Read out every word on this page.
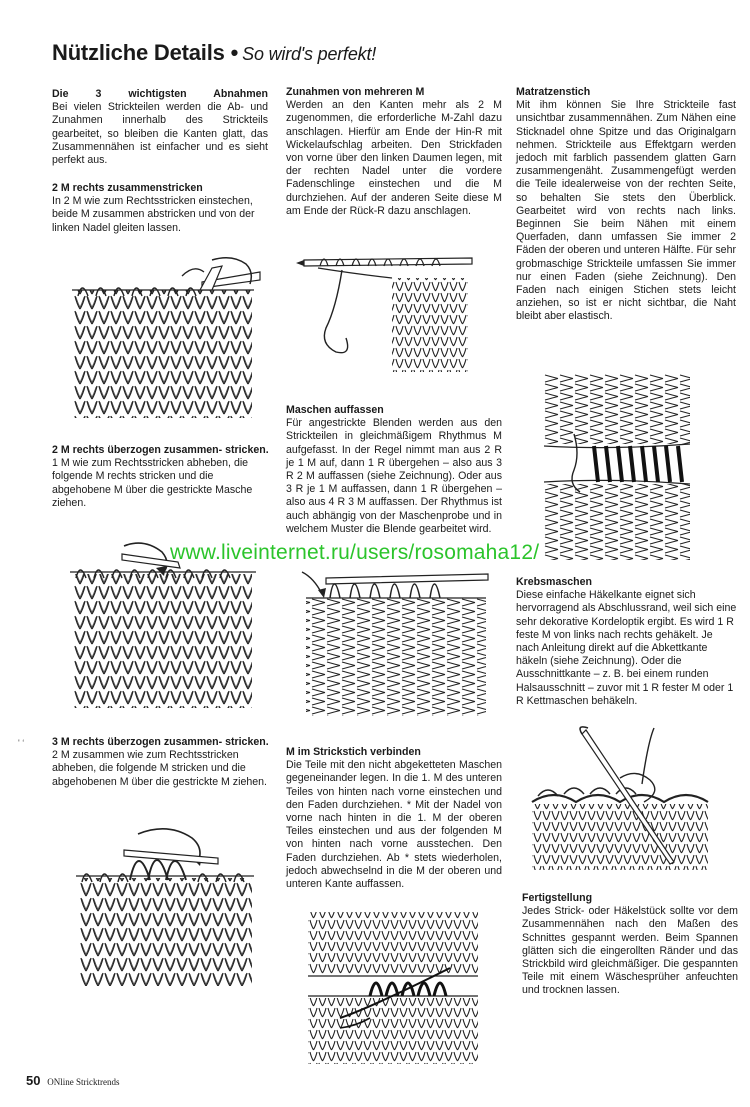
Nützliche Details • So wird's perfekt!
Die 3 wichtigsten Abnahmen

Bei vielen Strickteilen werden die Ab- und Zunahmen innerhalb des Strickteils gearbeitet, so bleiben die Kanten glatt, das Zusammennähen ist einfacher und es sieht perfekt aus.

2 M rechts zusammenstricken

In 2 M wie zum Rechtsstricken einstechen, beide M zusammen abstricken und von der linken Nadel gleiten lassen.

2 M rechts überzogen zusammen- stricken.

1 M wie zum Rechtsstricken abheben, die folgende M rechts stricken und die abgehobene M über die gestrickte Masche ziehen.

3 M rechts überzogen zusammen- stricken.

2 M zusammen wie zum Rechtsstricken abheben, die folgende M stricken und die abgehobenen M über die gestrickte M ziehen.

Zunahmen von mehreren M

Werden an den Kanten mehr als 2 M zugenommen, die erforderliche M-Zahl dazu anschlagen. Hierfür am Ende der Hin-R mit Wickelaufschlag arbeiten. Den Strickfaden von vorne über den linken Daumen legen, mit der rechten Nadel unter die vordere Fadenschlinge einstechen und die M durchziehen. Auf der anderen Seite diese M am Ende der Rück-R dazu anschlagen.

Maschen auffassen

Für angestrickte Blenden werden aus den Strickteilen in gleichmäßigem Rhythmus M aufgefasst. In der Regel nimmt man aus 2 R je 1 M auf, dann 1 R übergehen – also aus 3 R 2 M auffassen (siehe Zeichnung). Oder aus 3 R je 1 M auffassen, dann 1 R übergehen – also aus 4 R 3 M auffassen. Der Rhythmus ist auch abhängig von der Maschenprobe und in welchem Muster die Blende gearbeitet wird.

M im Strickstich verbinden

Die Teile mit den nicht abgeketteten Maschen gegeneinander legen. In die 1. M des unteren Teiles von hinten nach vorne einstechen und den Faden durchziehen. * Mit der Nadel von vorne nach hinten in die 1. M der oberen Teiles einstechen und aus der folgenden M von hinten nach vorne ausstechen. Den Faden durchziehen. Ab * stets wiederholen, jedoch abwechselnd in die M der oberen und unteren Kante auffassen.

Matratzenstich

Mit ihm können Sie Ihre Strickteile fast unsichtbar zusammennähen. Zum Nähen eine Sticknadel ohne Spitze und das Originalgarn nehmen. Strickteile aus Effektgarn werden jedoch mit farblich passendem glatten Garn zusammengenäht. Zusammengefügt werden die Teile idealerweise von der rechten Seite, so behalten Sie stets den Überblick. Gearbeitet wird von rechts nach links. Beginnen Sie beim Nähen mit einem Querfaden, dann umfassen Sie immer 2 Fäden der oberen und unteren Hälfte. Für sehr grobmaschige Strickteile umfassen Sie immer nur einen Faden (siehe Zeichnung). Den Faden nach einigen Stichen stets leicht anziehen, so ist er nicht sichtbar, die Naht bleibt aber elastisch.

Krebsmaschen

Diese einfache Häkelkante eignet sich hervorragend als Abschlussrand, weil sich eine sehr dekorative Kordeloptik ergibt. Es wird 1 R feste M von links nach rechts gehäkelt. Je nach Anleitung direkt auf die Abkettkante häkeln (siehe Zeichnung). Oder die Ausschnittkante – z. B. bei einem runden Halsausschnitt – zuvor mit 1 R fester M oder 1 R Kettmaschen behäkeln.

Fertigstellung

Jedes Strick- oder Häkelstück sollte vor dem Zusammennähen nach den Maßen des Schnittes gespannt werden. Beim Spannen glätten sich die eingerollten Ränder und das Strickbild wird gleichmäßiger. Die gespannten Teile mit einem Wäschesprüher anfeuchten und trocknen lassen.

www.liveinternet.ru/users/rosomaha12/

' ʻ
50 ONline Stricktrends
